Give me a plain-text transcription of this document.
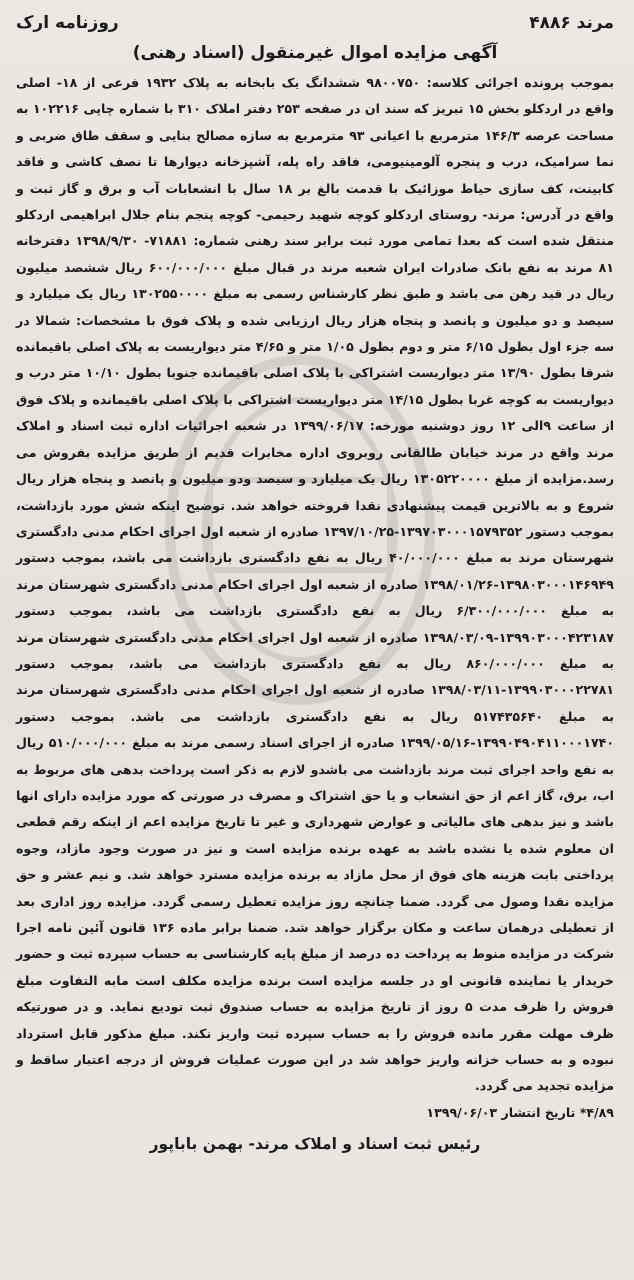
مرند ۴۸۸۶
روزنامه ارک
آگهی مزایده اموال غیرمنقول (اسناد رهنی)

بموجب پرونده اجرائی کلاسه: ۹۸۰۰۷۵۰ ششدانگ یک بابخانه به پلاک ۱۹۳۲ فرعی از ۱۸- اصلی واقع در اردکلو بخش ۱۵ تبریز که سند ان در صفحه ۲۵۳ دفتر املاک ۳۱۰ با شماره چاپی ۱۰۲۲۱۶ به مساحت عرصه ۱۴۶/۳ مترمربع با اعیانی ۹۳ مترمربع به سازه مصالح بنایی و سقف طاق ضربی و نما سرامیک، درب و پنجره آلومینیومی، فاقد راه پله، آشپزخانه دیوارها تا نصف کاشی و فاقد کابینت، کف سازی حیاط موزائیک با قدمت بالغ بر ۱۸ سال با انشعابات آب و برق و گاز ثبت و واقع در آدرس: مرند- روستای اردکلو کوچه شهید رحیمی- کوچه پنجم بنام جلال ابراهیمی اردکلو منتقل شده است که بعدا تمامی مورد ثبت برابر سند رهنی شماره: ۷۱۸۸۱- ۱۳۹۸/۹/۳۰ دفترخانه ۸۱ مرند به نفع بانک صادرات ایران شعبه مرند در قبال مبلغ ۶۰۰/۰۰۰/۰۰۰ ریال ششصد میلیون ریال در قید رهن می باشد و طبق نظر کارشناس رسمی به مبلغ ۱۳۰۲۵۵۰۰۰۰ ریال یک میلیارد و سیصد و دو میلیون و پانصد و پنجاه هزار ریال ارزیابی شده و پلاک فوق با مشخصات: شمالا در سه جزء اول بطول ۶/۱۵ متر و دوم بطول ۱/۰۵ متر و ۴/۶۵ متر دیواریست به پلاک اصلی باقیمانده شرقا بطول ۱۳/۹۰ متر دیواریست اشتراکی با پلاک اصلی باقیمانده جنوبا بطول ۱۰/۱۰ متر درب و دیواریست به کوچه غربا بطول ۱۴/۱۵ متر دیواریست اشتراکی با پلاک اصلی باقیمانده و پلاک فوق از ساعت ۹الی ۱۲ روز دوشنبه مورخه: ۱۳۹۹/۰۶/۱۷ در شعبه اجرائیات اداره ثبت اسناد و املاک مرند واقع در مرند خیابان طالقانی روبروی اداره مخابرات قدیم از طریق مزایده بفروش می رسد.مزایده از مبلغ ۱۳۰۵۲۲۰۰۰۰ ریال یک میلیارد و سیصد ودو میلیون و پانصد و پنجاه هزار ریال شروع و به بالاترین قیمت پیشنهادی نقدا فروخته خواهد شد. توضیح اینکه شش مورد بازداشت، بموجب دستور ۱۳۹۷۰۳۰۰۰۱۵۷۹۳۵۲-۱۳۹۷/۱۰/۲۵ صادره از شعبه اول اجرای احکام مدنی دادگستری شهرستان مرند به مبلغ ۴۰/۰۰۰/۰۰۰ ریال به نفع دادگستری بازداشت می باشد، بموجب دستور ۱۳۹۸۰۳۰۰۰۱۴۶۹۴۹-۱۳۹۸/۰۱/۲۶ صادره از شعبه اول اجرای احکام مدنی دادگستری شهرستان مرند به مبلغ ۶/۳۰۰/۰۰۰/۰۰۰ ریال به نفع دادگستری بازداشت می باشد، بموجب دستور ۱۳۹۹۰۳۰۰۰۴۲۳۱۸۷-۱۳۹۸/۰۳/۰۹ صادره از شعبه اول اجرای احکام مدنی دادگستری شهرستان مرند به مبلغ ۸۶۰/۰۰۰/۰۰۰ ریال به نفع دادگستری بازداشت می باشد، بموجب دستور ۱۳۹۹۰۳۰۰۰۲۲۷۸۱-۱۳۹۸/۰۳/۱۱ صادره از شعبه اول اجرای احکام مدنی دادگستری شهرستان مرند به مبلغ ۵۱۷۴۳۵۶۴۰ ریال به نفع دادگستری بازداشت می باشد. بموجب دستور ۱۳۹۹۰۴۹۰۴۱۱۰۰۰۱۷۴۰-۱۳۹۹/۰۵/۱۶ صادره از اجرای اسناد رسمی مرند به مبلغ ۵۱۰/۰۰۰/۰۰۰ ریال به نفع واحد اجرای ثبت مرند بازداشت می باشدو لازم به ذکر است پرداخت بدهی های مربوط به اب، برق، گاز اعم از حق انشعاب و یا حق اشتراک و مصرف در صورتی که مورد مزایده دارای انها باشد و نیز بدهی های مالیاتی و عوارض شهرداری و غیر تا تاریخ مزایده اعم از اینکه رقم قطعی ان معلوم شده یا نشده باشد به عهده برنده مزایده است و نیز در صورت وجود مازاد، وجوه پرداختی بابت هزینه های فوق از محل مازاد به برنده مزایده مسترد خواهد شد. و نیم عشر و حق مزایده نقدا وصول می گردد. ضمنا چنانچه روز مزایده تعطیل رسمی گردد. مزایده روز اداری بعد از تعطیلی درهمان ساعت و مکان برگزار خواهد شد. ضمنا برابر ماده ۱۳۶ قانون آئین نامه اجرا شرکت در مزایده منوط به پرداخت ده درصد از مبلغ پایه کارشناسی به حساب سپرده ثبت و حضور خریدار یا نماینده قانونی او در جلسه مزایده است برنده مزایده مکلف است مابه التفاوت مبلغ فروش را ظرف مدت ۵ روز از تاریخ مزایده به حساب صندوق ثبت تودیع نماید. و در صورتیکه ظرف مهلت مقرر مانده فروش را به حساب سپرده ثبت واریز نکند. مبلغ مذکور قابل استرداد نبوده و به حساب خزانه واریز خواهد شد در این صورت عملیات فروش از درجه اعتبار ساقط و مزایده تجدید می گردد.

۴/۸۹* تاریخ انتشار ۱۳۹۹/۰۶/۰۳

رئیس ثبت اسناد و املاک مرند- بهمن باباپور
